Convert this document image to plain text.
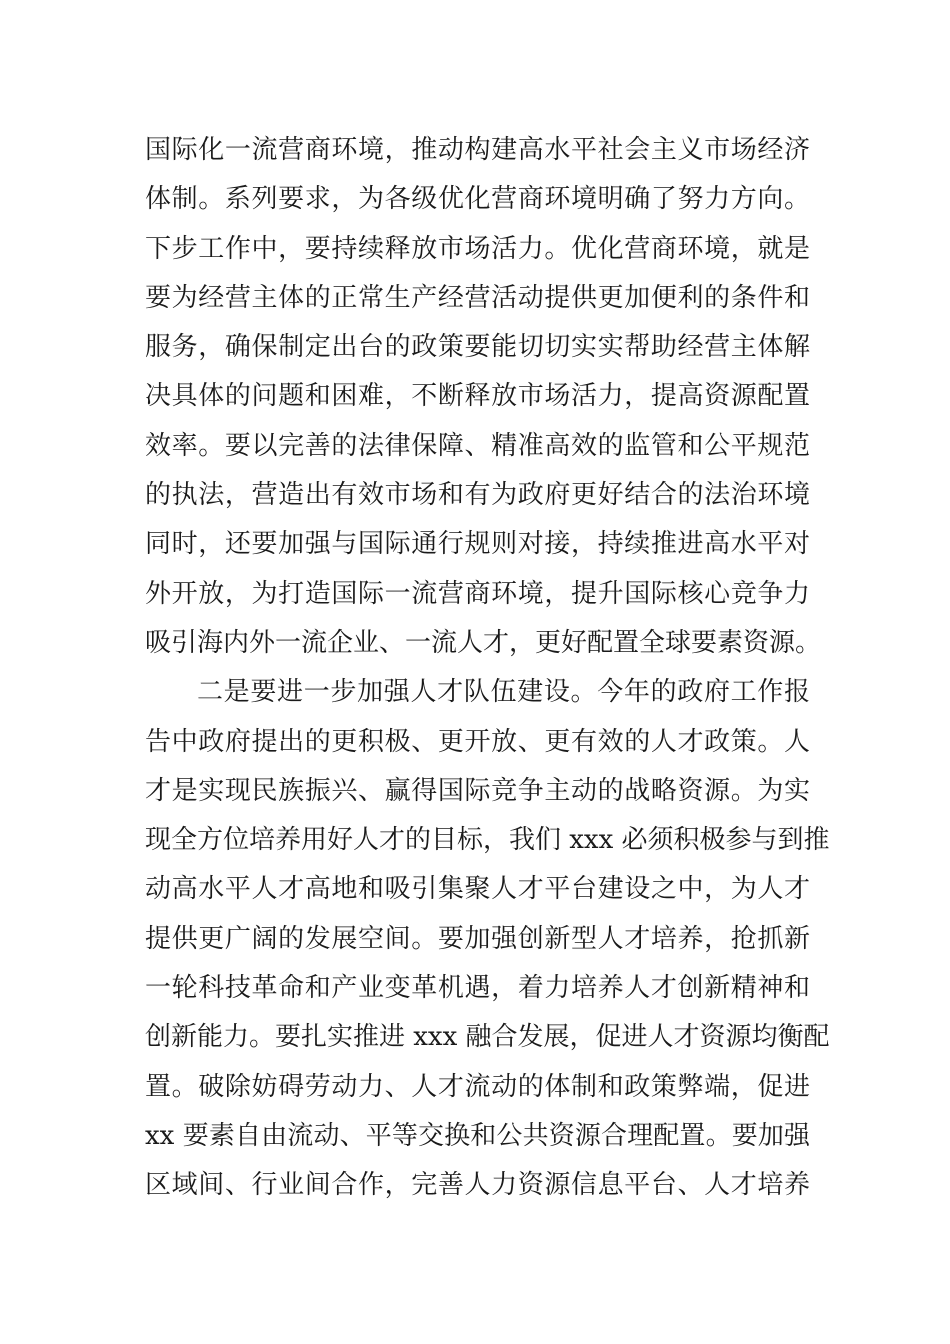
国际化一流营商环境，推动构建高水平社会主义市场经济
体制。系列要求，为各级优化营商环境明确了努力方向。
下步工作中，要持续释放市场活力。优化营商环境，就是
要为经营主体的正常生产经营活动提供更加便利的条件和
服务，确保制定出台的政策要能切切实实帮助经营主体解
决具体的问题和困难，不断释放市场活力，提高资源配置
效率。要以完善的法律保障、精准高效的监管和公平规范
的执法，营造出有效市场和有为政府更好结合的法治环境
同时，还要加强与国际通行规则对接，持续推进高水平对
外开放，为打造国际一流营商环境，提升国际核心竞争力
吸引海内外一流企业、一流人才，更好配置全球要素资源。
二是要进一步加强人才队伍建设。今年的政府工作报
告中政府提出的更积极、更开放、更有效的人才政策。人
才是实现民族振兴、赢得国际竞争主动的战略资源。为实
现全方位培养用好人才的目标，我们 xxx 必须积极参与到推
动高水平人才高地和吸引集聚人才平台建设之中，为人才
提供更广阔的发展空间。要加强创新型人才培养，抢抓新
一轮科技革命和产业变革机遇，着力培养人才创新精神和
创新能力。要扎实推进 xxx 融合发展，促进人才资源均衡配
置。破除妨碍劳动力、人才流动的体制和政策弊端，促进
xx 要素自由流动、平等交换和公共资源合理配置。要加强
区域间、行业间合作，完善人力资源信息平台、人才培养
